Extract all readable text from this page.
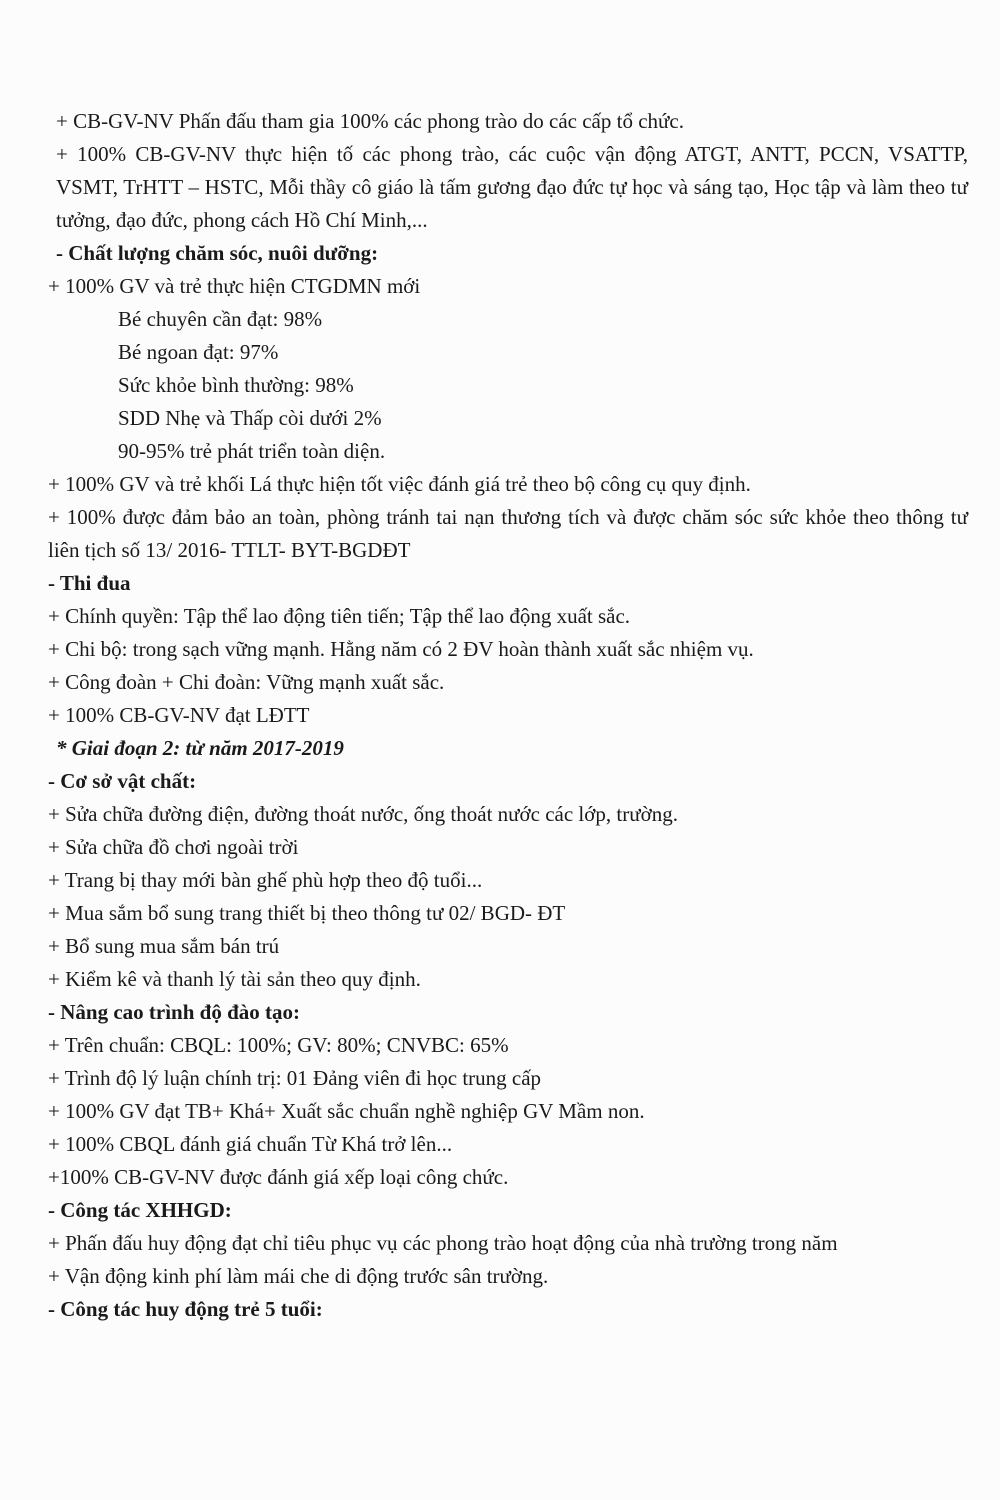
+ CB-GV-NV Phấn đấu tham gia 100% các phong trào do các cấp tổ chức.
+ 100% CB-GV-NV thực hiện tố các phong trào, các cuộc vận động ATGT, ANTT, PCCN, VSATTP, VSMT, TrHTT – HSTC, Mỗi thầy cô giáo là tấm gương đạo đức tự học và sáng tạo, Học tập và làm theo tư tưởng, đạo đức, phong cách Hồ Chí Minh,...
- Chất lượng chăm sóc, nuôi dưỡng:
+ 100% GV và trẻ thực hiện CTGDMN mới
Bé chuyên cần đạt: 98%
Bé ngoan đạt: 97%
Sức khỏe bình thường: 98%
SDD Nhẹ và Thấp còi dưới 2%
90-95% trẻ phát triển toàn diện.
+ 100% GV và trẻ khối Lá thực hiện tốt việc đánh giá trẻ theo bộ công cụ quy định.
+ 100% được đảm bảo an toàn, phòng tránh tai nạn thương tích và được chăm sóc sức khỏe theo thông tư liên tịch số 13/ 2016- TTLT- BYT-BGDĐT
- Thi đua
+ Chính quyền: Tập thể lao động tiên tiến; Tập thể lao động xuất sắc.
+ Chi bộ: trong sạch vững mạnh. Hằng năm có 2 ĐV hoàn thành xuất sắc nhiệm vụ.
+ Công đoàn + Chi đoàn: Vững mạnh xuất sắc.
+ 100% CB-GV-NV đạt LĐTT
* Giai đoạn 2: từ năm 2017-2019
- Cơ sở vật chất:
+ Sửa chữa đường điện, đường thoát nước, ống thoát nước các lớp, trường.
+ Sửa chữa đồ chơi ngoài trời
+ Trang bị thay mới bàn ghế phù hợp theo độ tuổi...
+ Mua sắm bổ sung trang thiết bị theo thông tư 02/ BGD- ĐT
+ Bổ sung mua sắm bán trú
+ Kiểm kê và thanh lý tài sản theo quy định.
- Nâng cao trình độ đào tạo:
+ Trên chuẩn: CBQL: 100%; GV: 80%; CNVBC: 65%
+ Trình độ lý luận chính trị: 01 Đảng viên đi học trung cấp
+ 100% GV đạt TB+ Khá+ Xuất sắc chuẩn nghề nghiệp GV Mầm non.
+ 100% CBQL đánh giá chuẩn Từ Khá trở lên...
+100% CB-GV-NV được đánh giá xếp loại công chức.
- Công tác XHHGD:
+ Phấn đấu huy động đạt chỉ tiêu phục vụ các phong trào hoạt động của nhà trường trong năm
+ Vận động kinh phí làm mái che di động trước sân trường.
- Công tác huy động trẻ 5 tuổi:
